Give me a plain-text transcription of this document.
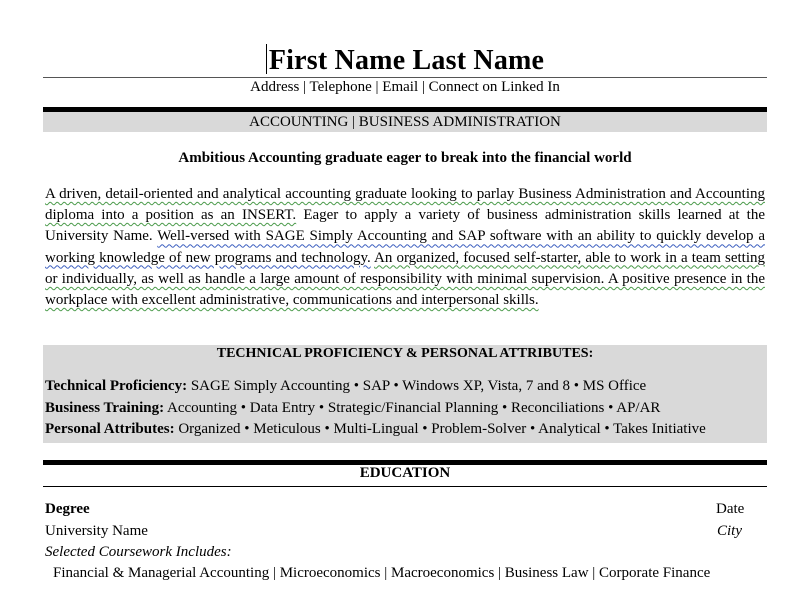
First Name Last Name
Address | Telephone | Email | Connect on Linked In
ACCOUNTING | BUSINESS ADMINISTRATION
Ambitious Accounting graduate eager to break into the financial world

A driven, detail-oriented and analytical accounting graduate looking to parlay Business Administration and Accounting diploma into a position as an INSERT. Eager to apply a variety of business administration skills learned at the University Name. Well-versed with SAGE Simply Accounting and SAP software with an ability to quickly develop a working knowledge of new programs and technology. An organized, focused self-starter, able to work in a team setting or individually, as well as handle a large amount of responsibility with minimal supervision. A positive presence in the workplace with excellent administrative, communications and interpersonal skills.

TECHNICAL PROFICIENCY & PERSONAL ATTRIBUTES:
Technical Proficiency: SAGE Simply Accounting • SAP • Windows XP, Vista, 7 and 8 • MS Office
Business Training: Accounting • Data Entry • Strategic/Financial Planning • Reconciliations • AP/AR
Personal Attributes: Organized • Meticulous • Multi-Lingual • Problem-Solver • Analytical • Takes Initiative
EDUCATION
Degree	Date
University Name	City
Selected Coursework Includes:
Financial & Managerial Accounting | Microeconomics | Macroeconomics | Business Law | Corporate Finance
